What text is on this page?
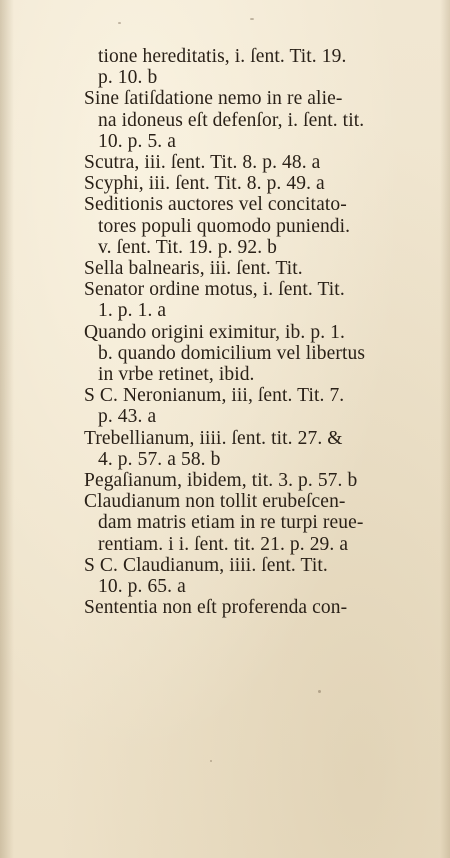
tione hereditatis, i. ſent. Tit. 19.
p. 10. b
Sine ſatiſdatione nemo in re alie-
na idoneus eſt defenſor, i. ſent. tit.
10. p. 5. a
Scutra, iii. ſent. Tit. 8. p. 48. a
Scyphi, iii. ſent. Tit. 8. p. 49. a
Seditionis auctores vel concitato-
tores populi quomodo puniendi.
v. ſent. Tit. 19. p. 92. b
Sella balnearis, iii. ſent. Tit.
Senator ordine motus, i. ſent. Tit.
1. p. 1. a
Quando origini eximitur, ib. p. 1.
b. quando domicilium vel libertus
in vrbe retinet, ibid.
S C. Neronianum, iii, ſent. Tit. 7.
p. 43. a
Trebellianum, iiii. ſent. tit. 27. &
4. p. 57. a 58. b
Pegaſianum, ibidem, tit. 3. p. 57. b
Claudianum non tollit erubeſcen-
dam matris etiam in re turpi reue-
rentiam. i i. ſent. tit. 21. p. 29. a
S C. Claudianum, iiii. ſent. Tit.
10. p. 65. a
Sententia non eſt proferenda con-
